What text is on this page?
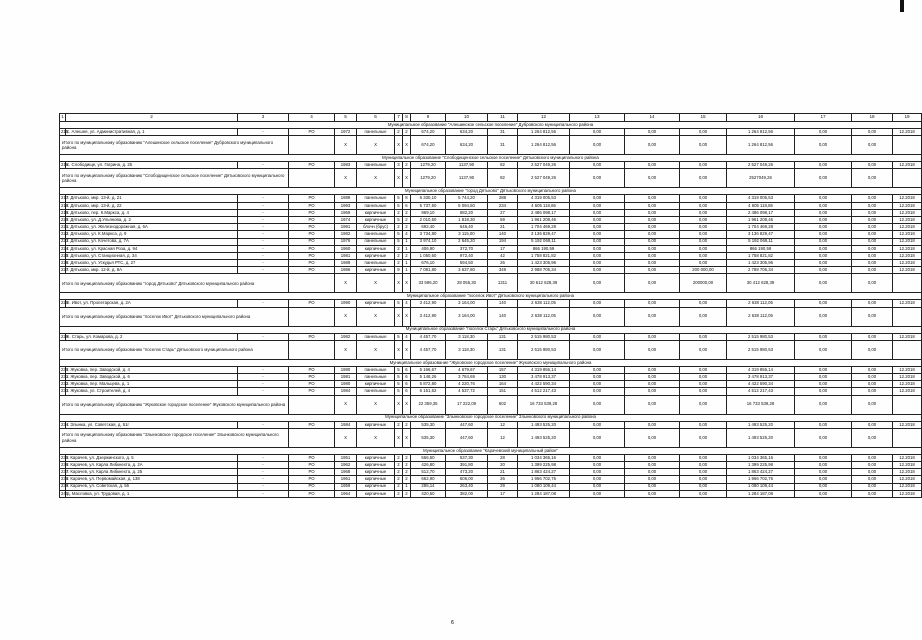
1	2	3	4	5	6	7	8	9	10	11	12	13	14	15	16	17	18	19
Муниципальное образование "Алешинское сельское поселение" Дубровского муниципального района																		
215	с. Алешня, ул. Административная, д. 1	-	РО	1972	панельные	2	2	674,20	634,20	31	1 264 812,56	0,00	0,00	0,00	1 264 812,56	0,00	0,00	12.2018
Итого по муниципальному образованию "Алешинское сельское поселение" Дубровского муниципального района				X	X	X	X	674,20	634,20	31	1 264 812,56	0,00	0,00	0,00	1 264 812,56	0,00	0,00	
Муниципальное образование "Слободищенское сельское поселение" Дятьковского муниципального района																		
216	с. Слободище, ул. Гагрина, д. 25	-	РО	1983	панельные	3	2	1279,20	1137,90	82	2 527 049,26	0,00	0,00	0,00	2 527 049,26	0,00	0,00	12.2018
Итого по муниципальному образованию "Слободищенское сельское поселение" Дятьковского муниципального района				X	X	X	X	1279,20	1137,90	82	2 527 049,26	0,00	0,00	0,00	2527049,26	0,00	0,00	
Муниципальное образование "город Дятьково" Дятьковского муниципального района																		
217	г. Дятьково, мкр. 13-й, д. 21	-	РО	1989	панельные	5	8	6 330,10	5 744,20	288	4 319 005,53	0,00	0,00	0,00	4 319 005,53	0,00	0,00	12.2018
218	г. Дятьково, мкр. 13-й, д. 22	-	РО	1993	панельные	5	6	5 737,50	5 094,50	234	4 605 118,86	0,00	0,00	0,00	4 605 118,86	0,00	0,00	12.2018
219	г. Дятьково, пер. К.Маркса, д. 4	-	РО	1969	кирпичные	2	2	969,10	682,20	27	2 486 098,17	0,00	0,00	0,00	2 486 098,17	0,00	0,00	12.2018
220	г. Дятьково, ул. Д.Ульянова, д. 2	-	РО	1974	кирпичные	5	2	2 010,50	1 818,30	59	1 961 208,46	0,00	0,00	0,00	1 961 208,46	0,00	0,00	12.2018
221	г. Дятьково, ул. Железнодорожная, д. 6А	-	РО	1991	блочн (брус)	2	2	692,40	646,40	21	1 704 469,28	0,00	0,00	0,00	1 704 469,28	0,00	0,00	12.2018
222	г. Дятьково, ул. К.Маркса, д. 9	-	РО	1982	панельные	5	4	3 734,80	3 115,00	140	3 136 829,47	0,00	0,00	0,00	3 136 829,47	0,00	0,00	12.2018
223	г. Дятьково, ул. Кочетова, д. 7А	-	РО	1976	панельные	5	1	3 974,10	2 645,20	194	5 192 069,11	0,00	0,00	0,00	5 192 069,11	0,00	0,00	12.2018
224	г. Дятьково, ул. Красная Роза, д. 94	-	РО	1960	кирпичные	2	1	406,90	372,70	17	866 190,59	0,00	0,00	0,00	866 190,59	0,00	0,00	12.2018
225	г. Дятьково, ул. Станционная, д. 34	-	РО	1981	кирпичные	2	2	1 050,60	972,40	42	1 758 821,82	0,00	0,00	0,00	1 758 821,82	0,00	0,00	12.2018
226	г. Дятьково, ул. Ускудья РТС, д. 27	-	РО	1989	панельные	2	1	676,10	594,50	26	1 423 305,96	0,00	0,00	0,00	1 423 305,96	0,00	0,00	12.2018
227	г. Дятьково, мкр. 12-й, д. 8А	-	РО	1986	кирпичные	9	1	7 081,80	3 637,80	349	2 988 705,34	0,00	0,00	200 000,00	2 788 705,34	0,00	0,00	12.2018
Итого по муниципальному образованию "город Дятьково" Дятьковского муниципального района				X	X	X	X	33 596,20	28 055,30	1311	30 612 628,39	0,00	0,00	200000,00	30 412 628,39	0,00	0,00	
Муниципальное образование "поселок Ивот" Дятьковского муниципального района																		
228	п. Ивот, ул. Пролетарская, д. 2А	-	РО	1990	кирпичные	5	4	3 412,90	3 164,00	140	2 638 112,05	0,00	0,00	0,00	2 638 112,05	0,00	0,00	12.2018
Итого по муниципальному образованию "поселок Ивот" Дятьковского муниципального района				X	X	X	X	3 412,90	3 164,00	140	2 638 112,05	0,00	0,00	0,00	2 638 112,05	0,00	0,00	
Муниципальное образование "поселок Старь" Дятьковского муниципального района																		
229	п. Старь, ул. Комарова, д. 2	-	РО	1982	панельные	5	4	4 457,70	3 118,30	131	2 515 980,53	0,00	0,00	0,00	2 515 980,53	0,00	0,00	12.2018
Итого по муниципальному образованию "поселок Старь" Дятьковского муниципального района				X	X	X	X	4 457,70	3 118,30	131	2 515 980,53	0,00	0,00	0,00	2 515 980,53	0,00	0,00	
Муниципальное образование "Жуковское городское поселение" Жуковского муниципального района																		
230	г. Жуковка, пер. Заводской, д. 4	-	РО	1980	панельные	5	6	5 166,67	4 679,67	157	4 319 856,14	0,00	0,00	0,00	4 319 856,14	0,00	0,00	12.2018
231	г. Жуковка, пер. Заводской, д. 6	-	РО	1981	панельные	5	6	5 148,26	3 784,69	130	3 478 913,37	0,00	0,00	0,00	3 478 913,37	0,00	0,00	12.2018
232	г. Жуковка, пер. Мальцева, д. 1	-	РО	1980	кирпичные	5	6	5 872,80	4 220,76	164	4 422 590,34	0,00	0,00	0,00	4 422 590,34	0,00	0,00	12.2018
233	г. Жуковка, ул. Строителей, д. 4	-	РО	1984	панельные	5	6	6 151,62	4 537,72	151	4 512 217,43	0,00	0,00	0,00	4 512 217,43	0,00	0,00	12.2018
Итого по муниципальному образованию "Жуковское городское поселение" Жуковского муниципального района				X	X	X	X	22 359,35	17 222,09	602	16 733 539,28	0,00	0,00	0,00	16 733 539,28	0,00	0,00	
Муниципальное образование "Злынковское городское поселение" Злынковского муниципального района																		
234	г. Злынка, ул. Советская, д. 51г	-	РО	1984	кирпичные	2	2	535,30	447,60	12	1 493 525,20	0,00	0,00	0,00	1 493 525,20	0,00	0,00	12.2018
Итого по муниципальному образованию "Злынковское городское поселение" Злынковского муниципального района				X	X	X	X	535,30	447,60	12	1 493 525,20	0,00	0,00	0,00	1 493 525,20	0,00	0,00	
Муниципальное образование "Карачевский муниципальный район"																		
235	г. Карачев, ул. Дзержинского, д. 5	-	РО	1951	кирпичные	2	2	566,50	537,30	28	1 034 365,16	0,00	0,00	0,00	1 034 365,16	0,00	0,00	12.2018
236	г. Карачев, ул. Карла Либкнехта, д. 2А	-	РО	1962	кирпичные	2	2	426,80	391,80	20	1 399 225,98	0,00	0,00	0,00	1 399 225,98	0,00	0,00	12.2018
237	г. Карачев, ул. Карла Либкнехта, д. 25	-	РО	1968	кирпичные	2	2	512,70	473,20	21	1 863 424,27	0,00	0,00	0,00	1 863 424,27	0,00	0,00	12.2018
238	г. Карачев, ул. Первомайская, д. 138	-	РО	1961	кирпичные	2	2	662,90	606,00	26	1 966 702,76	0,00	0,00	0,00	1 966 702,76	0,00	0,00	12.2018
239	г. Карачев, ул. Советская, д. 56	-	РО	1959	кирпичные	2	1	285,14	263,40	29	1 080 109,44	0,00	0,00	0,00	1 080 109,44	0,00	0,00	12.2018
240	д. Масловка, ул. Трудовая, д. 1	-	РО	1964	кирпичные	2	2	420,50	382,00	17	1 284 187,08	0,00	0,00	0,00	1 284 187,08	0,00	0,00	12.2018
6
